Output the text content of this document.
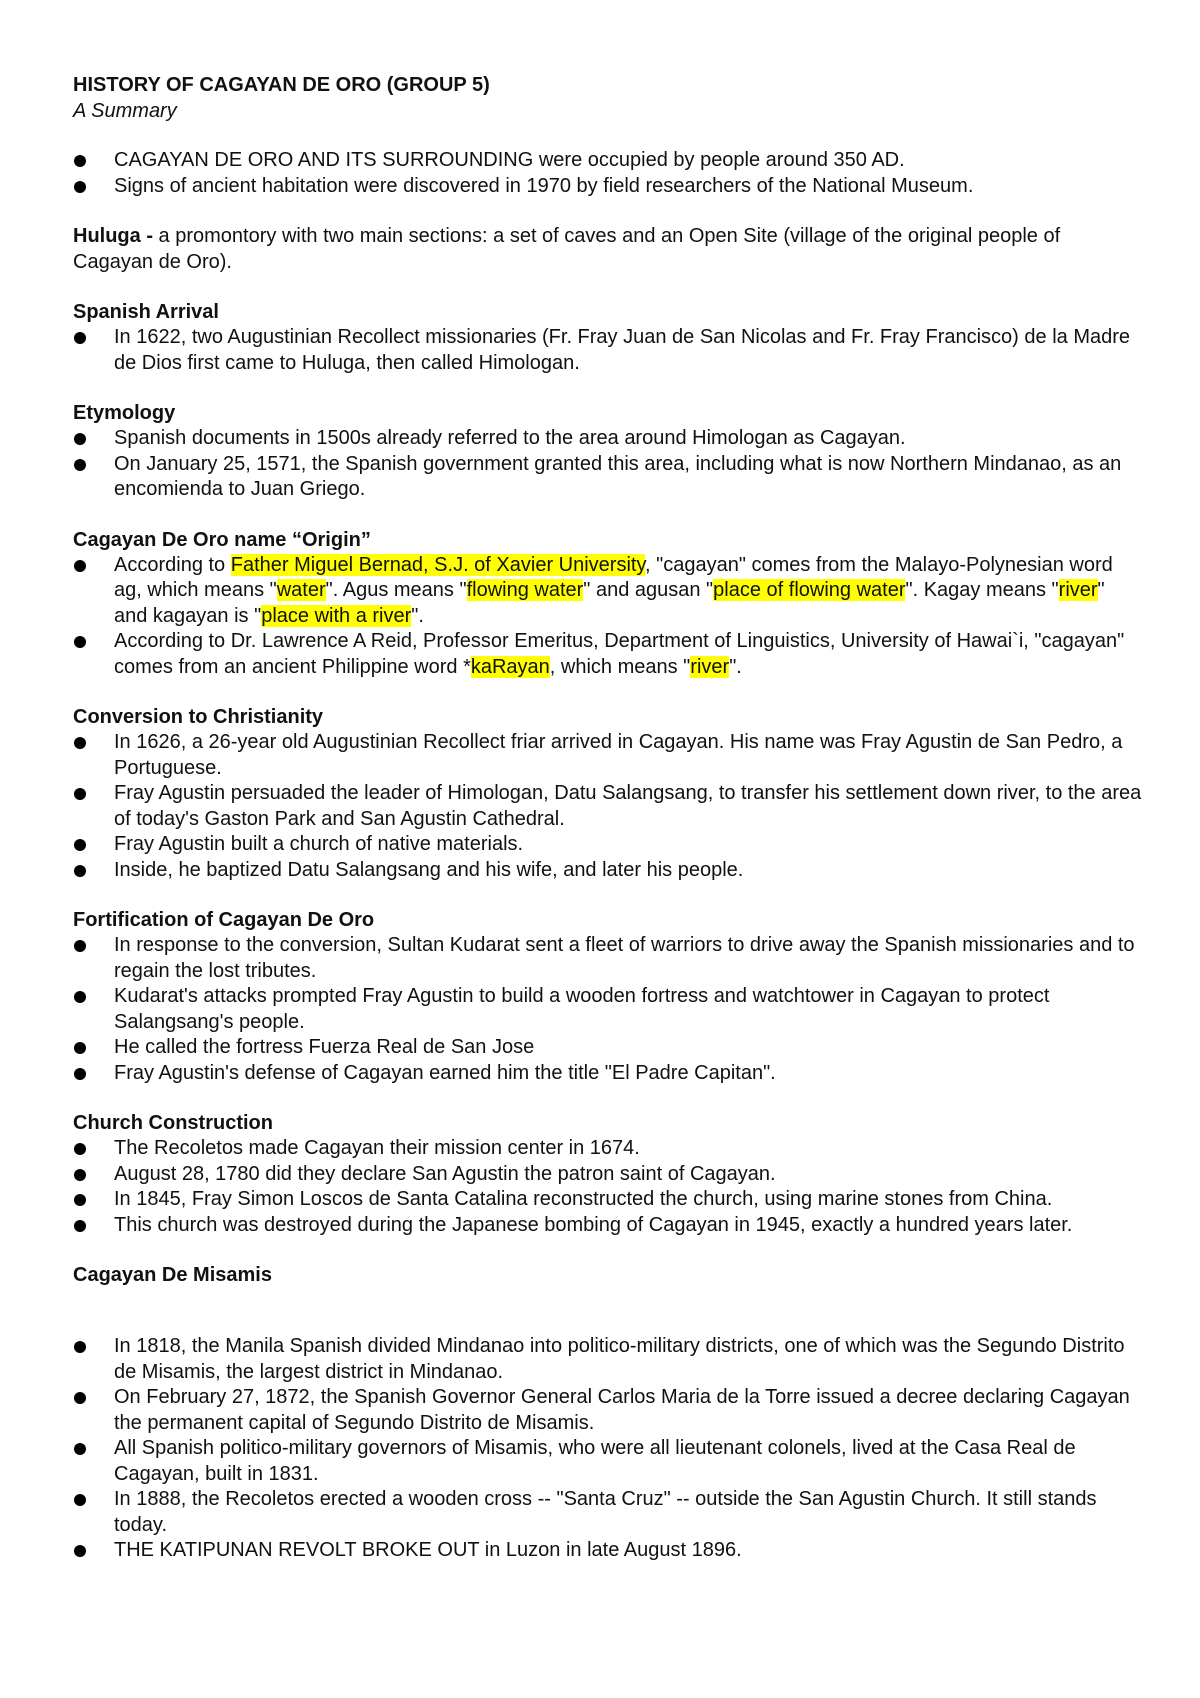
HISTORY OF CAGAYAN DE ORO (GROUP 5)
A Summary
CAGAYAN DE ORO AND ITS SURROUNDING were occupied by people around 350 AD.
Signs of ancient habitation were discovered in 1970 by field researchers of the National Museum.

Huluga - a promontory with two main sections: a set of caves and an Open Site (village of the original people of Cagayan de Oro).

Spanish Arrival
In 1622, two Augustinian Recollect missionaries (Fr. Fray Juan de San Nicolas and Fr. Fray Francisco) de la Madre de Dios first came to Huluga, then called Himologan.
Etymology
Spanish documents in 1500s already referred to the area around Himologan as Cagayan.
On January 25, 1571, the Spanish government granted this area, including what is now Northern Mindanao, as an encomienda to Juan Griego.
Cagayan De Oro name “Origin”
According to Father Miguel Bernad, S.J. of Xavier University, "cagayan" comes from the Malayo-Polynesian word ag, which means "water". Agus means "flowing water" and agusan "place of flowing water". Kagay means "river" and kagayan is "place with a river".
According to Dr. Lawrence A Reid, Professor Emeritus, Department of Linguistics, University of Hawai`i, "cagayan" comes from an ancient Philippine word *kaRayan, which means "river".
Conversion to Christianity
In 1626, a 26-year old Augustinian Recollect friar arrived in Cagayan. His name was Fray Agustin de San Pedro, a Portuguese.
Fray Agustin persuaded the leader of Himologan, Datu Salangsang, to transfer his settlement down river, to the area of today's Gaston Park and San Agustin Cathedral.
Fray Agustin built a church of native materials.
Inside, he baptized Datu Salangsang and his wife, and later his people.
Fortification of Cagayan De Oro
In response to the conversion, Sultan Kudarat sent a fleet of warriors to drive away the Spanish missionaries and to regain the lost tributes.
Kudarat's attacks prompted Fray Agustin to build a wooden fortress and watchtower in Cagayan to protect Salangsang's people.
He called the fortress Fuerza Real de San Jose
Fray Agustin's defense of Cagayan earned him the title "El Padre Capitan".
Church Construction
The Recoletos made Cagayan their mission center in 1674.
August 28, 1780 did they declare San Agustin the patron saint of Cagayan.
In 1845, Fray Simon Loscos de Santa Catalina reconstructed the church, using marine stones from China.
This church was destroyed during the Japanese bombing of Cagayan in 1945, exactly a hundred years later.
Cagayan De Misamis
In 1818, the Manila Spanish divided Mindanao into politico-military districts, one of which was the Segundo Distrito de Misamis, the largest district in Mindanao.
On February 27, 1872, the Spanish Governor General Carlos Maria de la Torre issued a decree declaring Cagayan the permanent capital of Segundo Distrito de Misamis.
All Spanish politico-military governors of Misamis, who were all lieutenant colonels, lived at the Casa Real de Cagayan, built in 1831.
In 1888, the Recoletos erected a wooden cross -- "Santa Cruz" -- outside the San Agustin Church. It still stands today.
THE KATIPUNAN REVOLT BROKE OUT in Luzon in late August 1896.
